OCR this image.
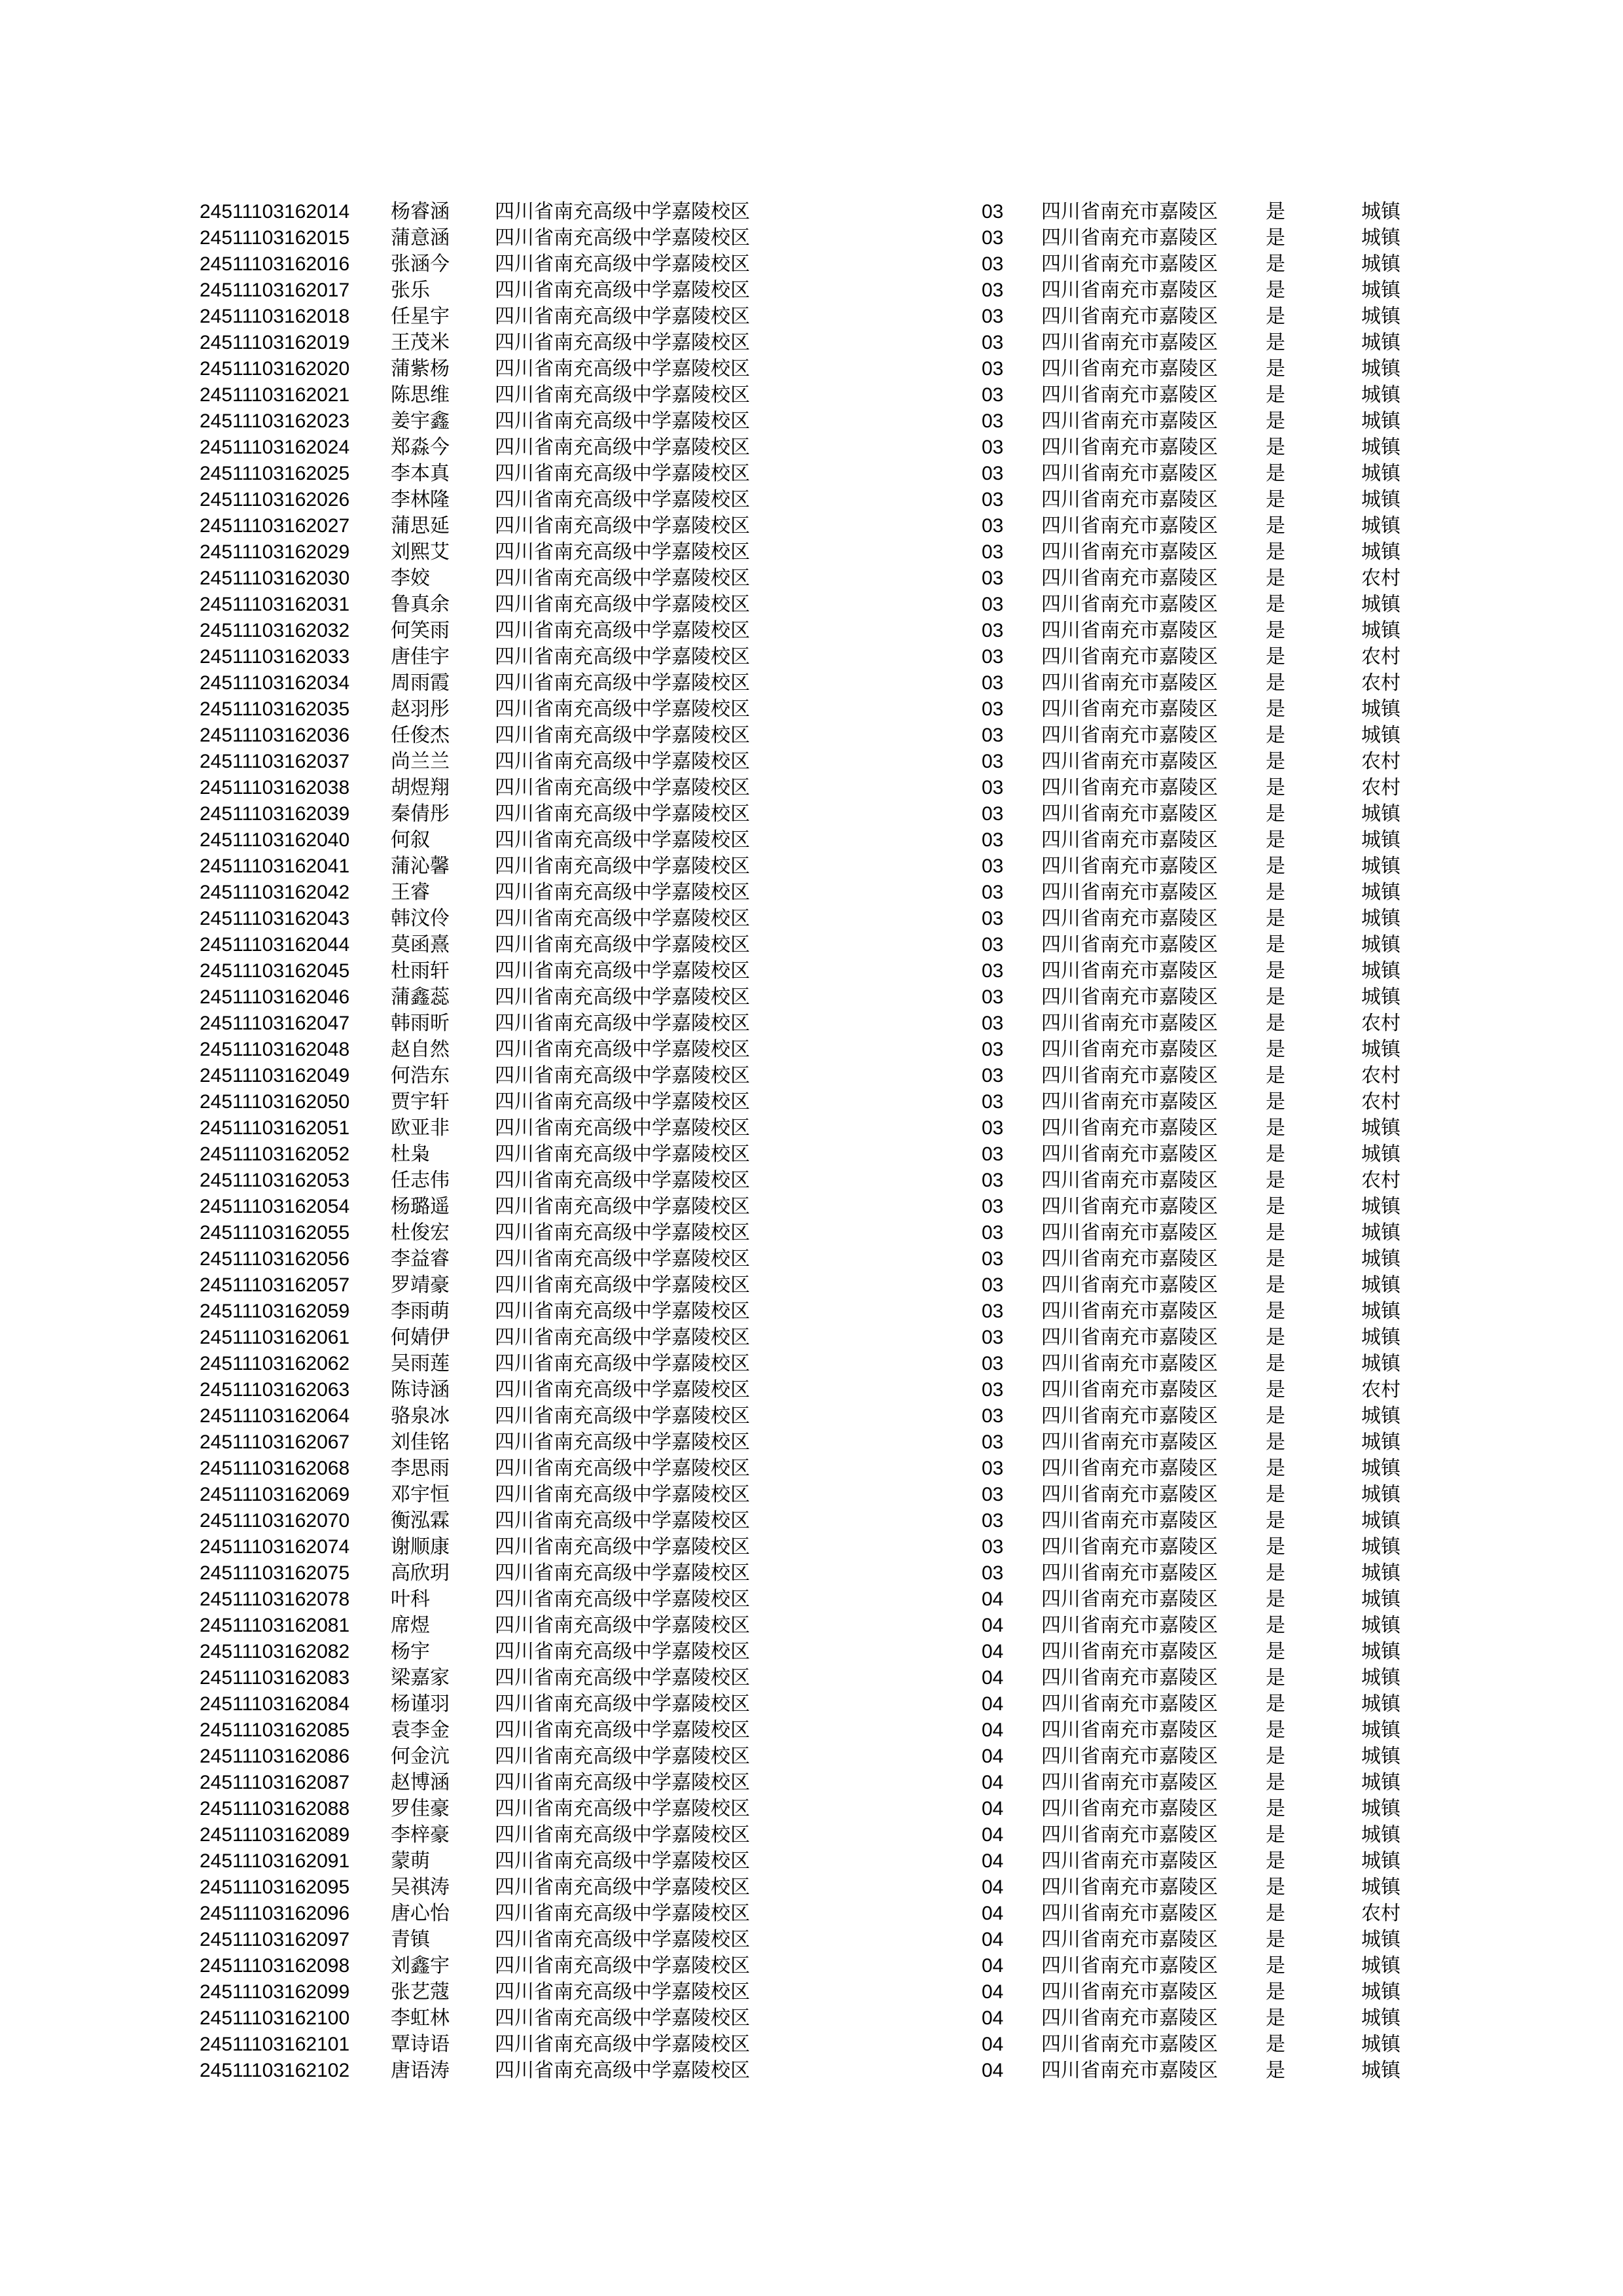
24511103162014 杨睿涵 四川省南充高级中学嘉陵校区	03 四川省南充市嘉陵区 是	城镇
24511103162015 蒲意涵 四川省南充高级中学嘉陵校区	03 四川省南充市嘉陵区 是	城镇
24511103162016 张涵今 四川省南充高级中学嘉陵校区	03 四川省南充市嘉陵区 是	城镇
24511103162017 张乐	四川省南充高级中学嘉陵校区	03 四川省南充市嘉陵区 是	城镇
24511103162018 任星宇 四川省南充高级中学嘉陵校区	03 四川省南充市嘉陵区 是	城镇
24511103162019 王茂米 四川省南充高级中学嘉陵校区	03 四川省南充市嘉陵区 是	城镇
24511103162020 蒲紫杨 四川省南充高级中学嘉陵校区	03 四川省南充市嘉陵区 是	城镇
24511103162021 陈思维 四川省南充高级中学嘉陵校区	03 四川省南充市嘉陵区 是	城镇
24511103162023 姜宇鑫 四川省南充高级中学嘉陵校区	03 四川省南充市嘉陵区 是	城镇
24511103162024 郑淼今 四川省南充高级中学嘉陵校区	03 四川省南充市嘉陵区 是	城镇
24511103162025 李本真 四川省南充高级中学嘉陵校区	03 四川省南充市嘉陵区 是	城镇
24511103162026 李林隆 四川省南充高级中学嘉陵校区	03 四川省南充市嘉陵区 是	城镇
24511103162027 蒲思延 四川省南充高级中学嘉陵校区	03 四川省南充市嘉陵区 是	城镇
24511103162029 刘熙艾 四川省南充高级中学嘉陵校区	03 四川省南充市嘉陵区 是	城镇
24511103162030 李姣	四川省南充高级中学嘉陵校区	03 四川省南充市嘉陵区 是	农村
24511103162031 鲁真余 四川省南充高级中学嘉陵校区	03 四川省南充市嘉陵区 是	城镇
24511103162032 何笑雨 四川省南充高级中学嘉陵校区	03 四川省南充市嘉陵区 是	城镇
24511103162033 唐佳宇 四川省南充高级中学嘉陵校区	03 四川省南充市嘉陵区 是	农村
24511103162034 周雨霞 四川省南充高级中学嘉陵校区	03 四川省南充市嘉陵区 是	农村
24511103162035 赵羽彤 四川省南充高级中学嘉陵校区	03 四川省南充市嘉陵区 是	城镇
24511103162036 任俊杰 四川省南充高级中学嘉陵校区	03 四川省南充市嘉陵区 是	城镇
24511103162037 尚兰兰 四川省南充高级中学嘉陵校区	03 四川省南充市嘉陵区 是	农村
24511103162038 胡煜翔 四川省南充高级中学嘉陵校区	03 四川省南充市嘉陵区 是	农村
24511103162039 秦倩彤 四川省南充高级中学嘉陵校区	03 四川省南充市嘉陵区 是	城镇
24511103162040 何叙	四川省南充高级中学嘉陵校区	03 四川省南充市嘉陵区 是	城镇
24511103162041 蒲沁馨 四川省南充高级中学嘉陵校区	03 四川省南充市嘉陵区 是	城镇
24511103162042 王睿	四川省南充高级中学嘉陵校区	03 四川省南充市嘉陵区 是	城镇
24511103162043 韩汶伶 四川省南充高级中学嘉陵校区	03 四川省南充市嘉陵区 是	城镇
24511103162044 莫函熹 四川省南充高级中学嘉陵校区	03 四川省南充市嘉陵区 是	城镇
24511103162045 杜雨轩 四川省南充高级中学嘉陵校区	03 四川省南充市嘉陵区 是	城镇
24511103162046 蒲鑫蕊 四川省南充高级中学嘉陵校区	03 四川省南充市嘉陵区 是	城镇
24511103162047 韩雨昕 四川省南充高级中学嘉陵校区	03 四川省南充市嘉陵区 是	农村
24511103162048 赵自然 四川省南充高级中学嘉陵校区	03 四川省南充市嘉陵区 是	城镇
24511103162049 何浩东 四川省南充高级中学嘉陵校区	03 四川省南充市嘉陵区 是	农村
24511103162050 贾宇轩 四川省南充高级中学嘉陵校区	03 四川省南充市嘉陵区 是	农村
24511103162051 欧亚非 四川省南充高级中学嘉陵校区	03 四川省南充市嘉陵区 是	城镇
24511103162052 杜枭	四川省南充高级中学嘉陵校区	03 四川省南充市嘉陵区 是	城镇
24511103162053 任志伟 四川省南充高级中学嘉陵校区	03 四川省南充市嘉陵区 是	农村
24511103162054 杨璐遥 四川省南充高级中学嘉陵校区	03 四川省南充市嘉陵区 是	城镇
24511103162055 杜俊宏 四川省南充高级中学嘉陵校区	03 四川省南充市嘉陵区 是	城镇
24511103162056 李益睿 四川省南充高级中学嘉陵校区	03 四川省南充市嘉陵区 是	城镇
24511103162057 罗靖豪 四川省南充高级中学嘉陵校区	03 四川省南充市嘉陵区 是	城镇
24511103162059 李雨萌 四川省南充高级中学嘉陵校区	03 四川省南充市嘉陵区 是	城镇
24511103162061 何婧伊 四川省南充高级中学嘉陵校区	03 四川省南充市嘉陵区 是	城镇
24511103162062 吴雨莲 四川省南充高级中学嘉陵校区	03 四川省南充市嘉陵区 是	城镇
24511103162063 陈诗涵 四川省南充高级中学嘉陵校区	03 四川省南充市嘉陵区 是	农村
24511103162064 骆泉冰 四川省南充高级中学嘉陵校区	03 四川省南充市嘉陵区 是	城镇
24511103162067 刘佳铭 四川省南充高级中学嘉陵校区	03 四川省南充市嘉陵区 是	城镇
24511103162068 李思雨 四川省南充高级中学嘉陵校区	03 四川省南充市嘉陵区 是	城镇
24511103162069 邓宇恒 四川省南充高级中学嘉陵校区	03 四川省南充市嘉陵区 是	城镇
24511103162070 衡泓霖 四川省南充高级中学嘉陵校区	03 四川省南充市嘉陵区 是	城镇
24511103162074 谢顺康 四川省南充高级中学嘉陵校区	03 四川省南充市嘉陵区 是	城镇
24511103162075 高欣玥 四川省南充高级中学嘉陵校区	03 四川省南充市嘉陵区 是	城镇
24511103162078 叶科	四川省南充高级中学嘉陵校区	04 四川省南充市嘉陵区 是	城镇
24511103162081 席煜	四川省南充高级中学嘉陵校区	04 四川省南充市嘉陵区 是	城镇
24511103162082 杨宇	四川省南充高级中学嘉陵校区	04 四川省南充市嘉陵区 是	城镇
24511103162083 梁嘉家 四川省南充高级中学嘉陵校区	04 四川省南充市嘉陵区 是	城镇
24511103162084 杨谨羽 四川省南充高级中学嘉陵校区	04 四川省南充市嘉陵区 是	城镇
24511103162085 袁李金 四川省南充高级中学嘉陵校区	04 四川省南充市嘉陵区 是	城镇
24511103162086 何金沆 四川省南充高级中学嘉陵校区	04 四川省南充市嘉陵区 是	城镇
24511103162087 赵博涵 四川省南充高级中学嘉陵校区	04 四川省南充市嘉陵区 是	城镇
24511103162088 罗佳豪 四川省南充高级中学嘉陵校区	04 四川省南充市嘉陵区 是	城镇
24511103162089 李梓豪 四川省南充高级中学嘉陵校区	04 四川省南充市嘉陵区 是	城镇
24511103162091 蒙萌	四川省南充高级中学嘉陵校区	04 四川省南充市嘉陵区 是	城镇
24511103162095 吴祺涛 四川省南充高级中学嘉陵校区	04 四川省南充市嘉陵区 是	城镇
24511103162096 唐心怡 四川省南充高级中学嘉陵校区	04 四川省南充市嘉陵区 是	农村
24511103162097 青镇	四川省南充高级中学嘉陵校区	04 四川省南充市嘉陵区 是	城镇
24511103162098 刘鑫宇 四川省南充高级中学嘉陵校区	04 四川省南充市嘉陵区 是	城镇
24511103162099 张艺蔻 四川省南充高级中学嘉陵校区	04 四川省南充市嘉陵区 是	城镇
24511103162100 李虹林 四川省南充高级中学嘉陵校区	04 四川省南充市嘉陵区 是	城镇
24511103162101 覃诗语 四川省南充高级中学嘉陵校区	04 四川省南充市嘉陵区 是	城镇
24511103162102 唐语涛 四川省南充高级中学嘉陵校区	04 四川省南充市嘉陵区 是	城镇
